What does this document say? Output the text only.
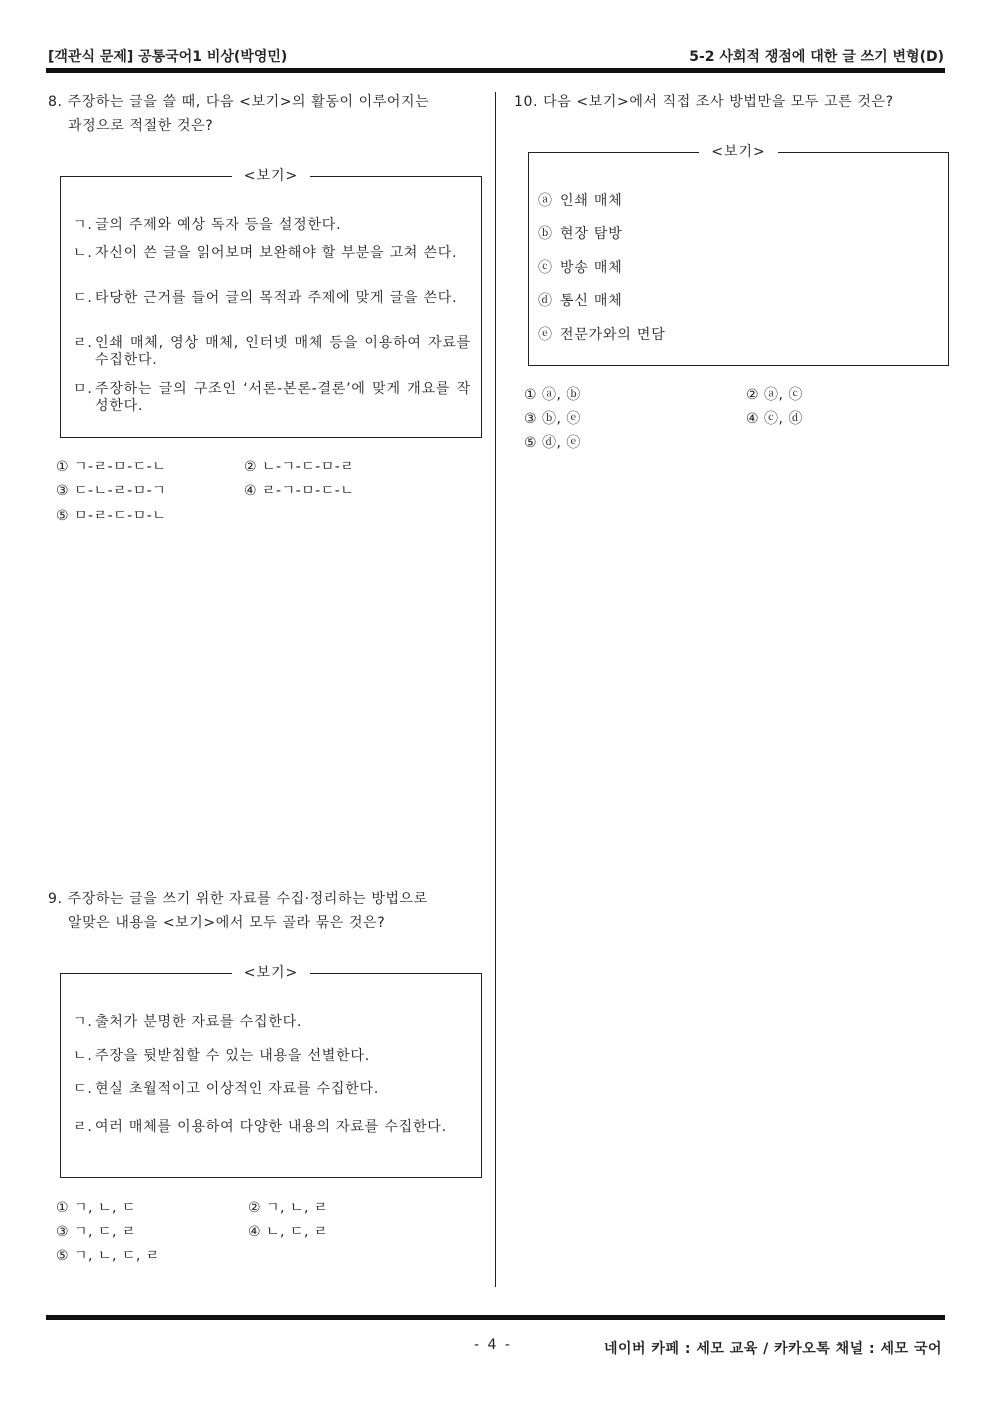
[객관식 문제] 공통국어1 비상(박영민)	5-2 사회적 쟁점에 대한 글 쓰기 변형(D)
8. 주장하는 글을 쓸 때, 다음 <보기>의 활동이 이루어지는
과정으로 적절한 것은?
<보기>
ㄱ. 글의 주제와 예상 독자 등을 설정한다.
ㄴ. 자신이 쓴 글을 읽어보며 보완해야 할 부분을 고쳐 쓴다.
ㄷ. 타당한 근거를 들어 글의 목적과 주제에 맞게 글을 쓴다.
ㄹ. 인쇄 매체, 영상 매체, 인터넷 매체 등을 이용하여 자료를 수집한다.
ㅁ. 주장하는 글의 구조인 ‘서론-본론-결론’에 맞게 개요를 작성한다.
① ㄱ-ㄹ-ㅁ-ㄷ-ㄴ	② ㄴ-ㄱ-ㄷ-ㅁ-ㄹ
③ ㄷ-ㄴ-ㄹ-ㅁ-ㄱ	④ ㄹ-ㄱ-ㅁ-ㄷ-ㄴ
⑤ ㅁ-ㄹ-ㄷ-ㅁ-ㄴ
9. 주장하는 글을 쓰기 위한 자료를 수집·정리하는 방법으로
알맞은 내용을 <보기>에서 모두 골라 묶은 것은?
<보기>
ㄱ. 출처가 분명한 자료를 수집한다.
ㄴ. 주장을 뒷받침할 수 있는 내용을 선별한다.
ㄷ. 현실 초월적이고 이상적인 자료를 수집한다.
ㄹ. 여러 매체를 이용하여 다양한 내용의 자료를 수집한다.
① ㄱ, ㄴ, ㄷ	② ㄱ, ㄴ, ㄹ
③ ㄱ, ㄷ, ㄹ	④ ㄴ, ㄷ, ㄹ
⑤ ㄱ, ㄴ, ㄷ, ㄹ
10. 다음 <보기>에서 직접 조사 방법만을 모두 고른 것은?
<보기>
ⓐ 인쇄 매체
ⓑ 현장 탐방
ⓒ 방송 매체
ⓓ 통신 매체
ⓔ 전문가와의 면담
① ⓐ, ⓑ	② ⓐ, ⓒ
③ ⓑ, ⓔ	④ ⓒ, ⓓ
⑤ ⓓ, ⓔ
- 4 -	네이버 카페 : 세모 교육 / 카카오톡 채널 : 세모 국어
